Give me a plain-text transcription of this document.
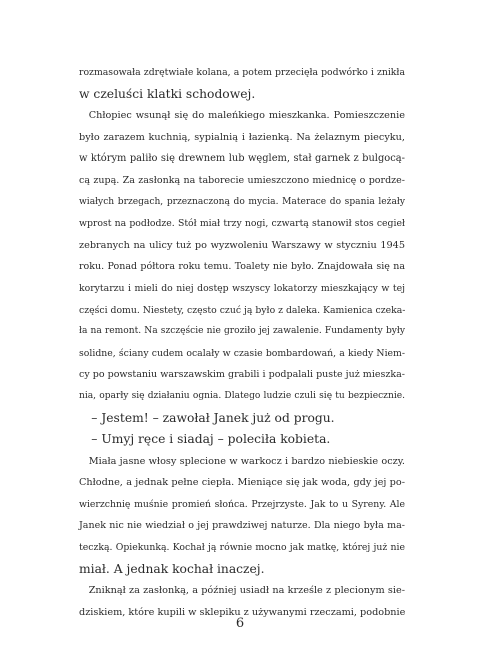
rozmasowała zdrętwiałe kolana, a potem przecięła podwórko i znikła
w czeluści klatki schodowej.
 Chłopiec wsunął się do maleńkiego mieszkanka. Pomieszczenie
było zarazem kuchnią, sypialnią i łazienką. Na żelaznym piecyku,
w którym paliło się drewnem lub węglem, stał garnek z bulgocą-
cą zupą. Za zasłonką na taborecie umieszczono miednicę o pordze-
wiałych brzegach, przeznaczoną do mycia. Materace do spania leżały
wprost na podłodze. Stół miał trzy nogi, czwartą stanowił stos cegieł
zebranych na ulicy tuż po wyzwoleniu Warszawy w styczniu 1945
roku. Ponad półtora roku temu. Toalety nie było. Znajdowała się na
korytarzu i mieli do niej dostęp wszyscy lokatorzy mieszkający w tej
części domu. Niestety, często czuć ją było z daleka. Kamienica czeka-
ła na remont. Na szczęście nie groziło jej zawalenie. Fundamenty były
solidne, ściany cudem ocalały w czasie bombardowań, a kiedy Niem-
cy po powstaniu warszawskim grabili i podpalali puste już mieszka-
nia, oparły się działaniu ognia. Dlatego ludzie czuli się tu bezpiecznie.
 – Jestem! – zawołał Janek już od progu.
 – Umyj ręce i siadaj – poleciła kobieta.
 Miała jasne włosy splecione w warkocz i bardzo niebieskie oczy.
Chłodne, a jednak pełne ciepła. Mieniące się jak woda, gdy jej po-
wierzchnię muśnie promień słońca. Przejrzyste. Jak to u Syreny. Ale
Janek nic nie wiedział o jej prawdziwej naturze. Dla niego była ma-
teczką. Opiekunką. Kochał ją równie mocno jak matkę, której już nie
miał. A jednak kochał inaczej.
 Zniknął za zasłonką, a później usiadł na krześle z plecionym sie-
dziskiem, które kupili w sklepiku z używanymi rzeczami, podobnie
6
